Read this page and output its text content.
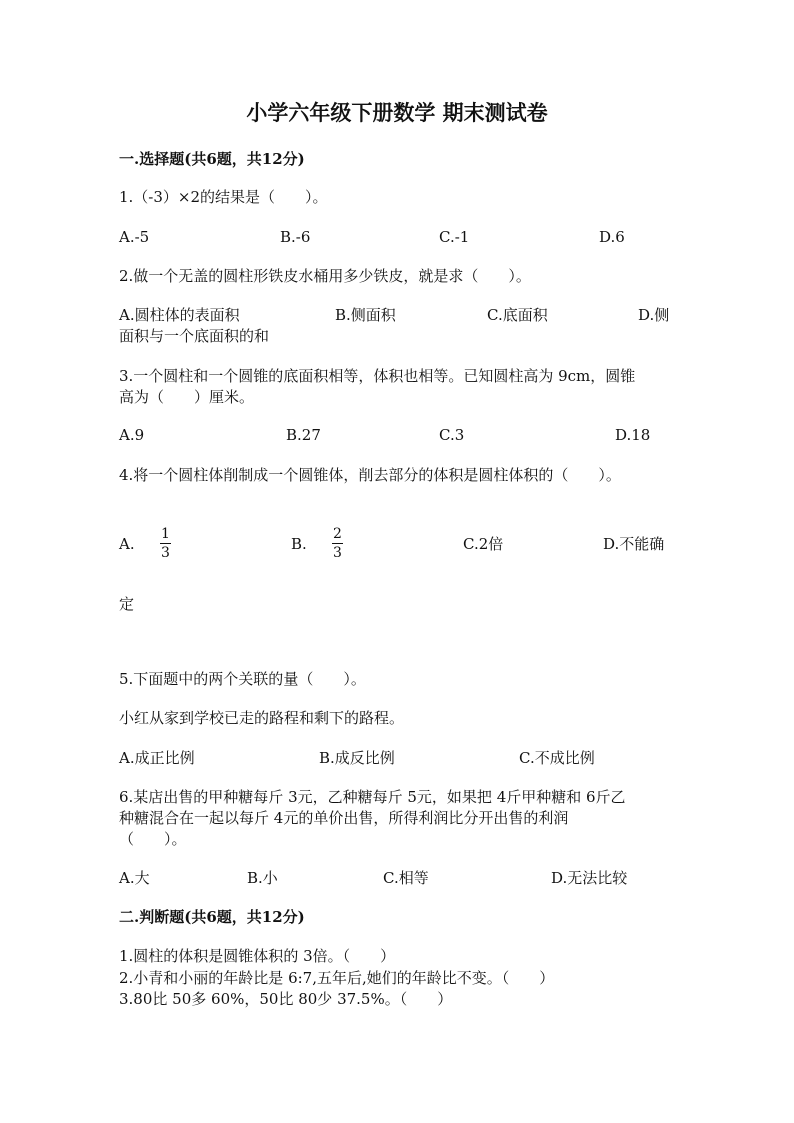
小学六年级下册数学 期末测试卷
一.选择题(共6题，共12分)
1.（-3）×2的结果是（　　）。
A.-5	B.-6	C.-1	D.6
2.做一个无盖的圆柱形铁皮水桶用多少铁皮，就是求（　　）。
A.圆柱体的表面积	B.侧面积	C.底面积	D.侧
面积与一个底面积的和
3.一个圆柱和一个圆锥的底面积相等，体积也相等。已知圆柱高为 9cm，圆锥
高为（　　）厘米。
A.9	B.27	C.3	D.18
4.将一个圆柱体削制成一个圆锥体，削去部分的体积是圆柱体积的（　　）。
A.
1
3	B.
2
3	C.2倍	D.不能确
定
5.下面题中的两个关联的量（　　）。
小红从家到学校已走的路程和剩下的路程。
A.成正比例	B.成反比例	C.不成比例
6.某店出售的甲种糖每斤 3元，乙种糖每斤 5元，如果把 4斤甲种糖和 6斤乙
种糖混合在一起以每斤 4元的单价出售，所得利润比分开出售的利润
（　　）。
A.大	B.小	C.相等	D.无法比较
二.判断题(共6题，共12分)
1.圆柱的体积是圆锥体积的 3倍。（　　）
2.小青和小丽的年龄比是 6:7,五年后,她们的年龄比不变。（　　）
3.80比 50多 60%，50比 80少 37.5%。（　　）
